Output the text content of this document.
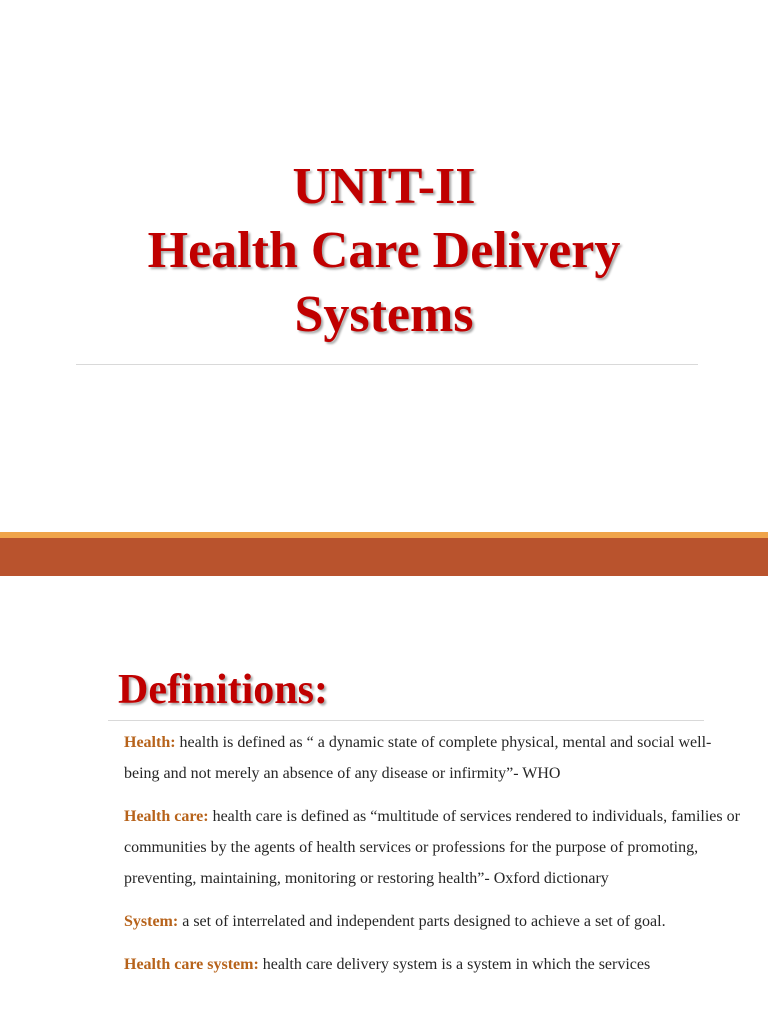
UNIT-II
Health Care Delivery
Systems
Definitions:

Health: health is defined as “ a dynamic state of complete physical, mental and social well-being and not merely an absence of any disease or infirmity”- WHO

Health care: health care is defined as “multitude of services rendered to individuals, families or communities by the agents of health services or professions for the purpose of promoting, preventing, maintaining, monitoring or restoring health”- Oxford dictionary

System: a set of interrelated and independent parts designed to achieve a set of goal.

Health care system: health care delivery system is a system in which the services
